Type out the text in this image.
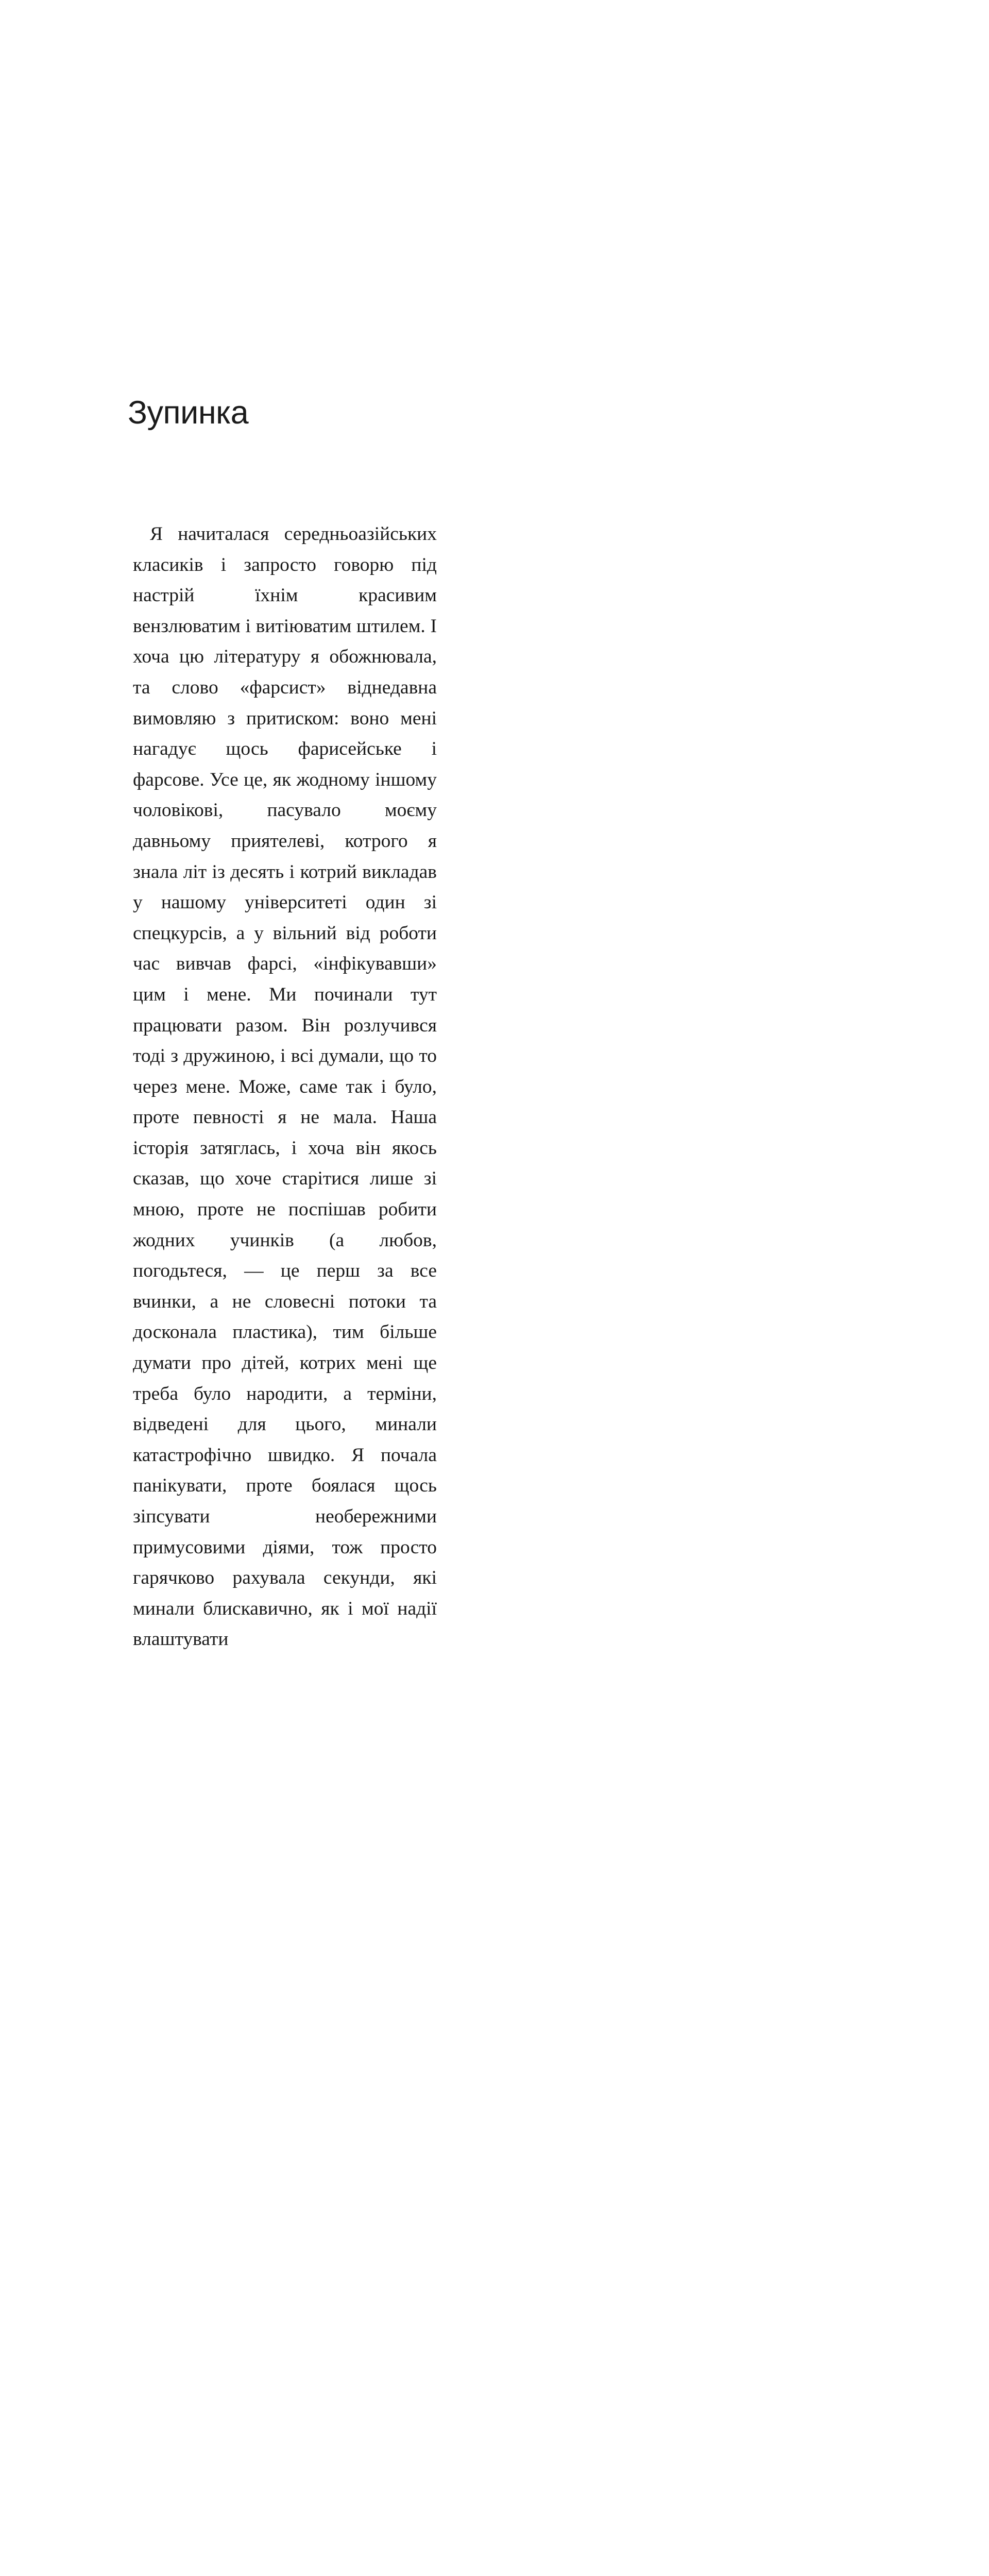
Зупинка

Я начиталася середньоазійських класиків і запросто говорю під настрій їхнім красивим вензлюватим і витіюватим штилем. І хоча цю літературу я обожнювала, та слово «фарсист» віднедавна вимовляю з притиском: воно мені нагадує щось фарисейське і фарсове. Усе це, як жодному іншому чоловікові, пасувало моєму давньому приятелеві, котрого я знала літ із десять і котрий викладав у нашому університеті один зі спецкурсів, а у вільний від роботи час вивчав фарсі, «інфікувавши» цим і мене. Ми починали тут працювати разом. Він розлучився тоді з дружиною, і всі думали, що то через мене. Може, саме так і було, проте певності я не мала. Наша історія затяглась, і хоча він якось сказав, що хоче старітися лише зі мною, проте не поспішав робити жодних учинків (а любов, погодьтеся, — це перш за все вчинки, а не словесні потоки та досконала пластика), тим більше думати про дітей, котрих мені ще треба було народити, а терміни, відведені для цього, минали катастрофічно швидко. Я почала панікувати, проте боялася щось зіпсувати необережними примусовими діями, тож просто гарячково рахувала секунди, які минали блискавично, як і мої надії влаштувати
